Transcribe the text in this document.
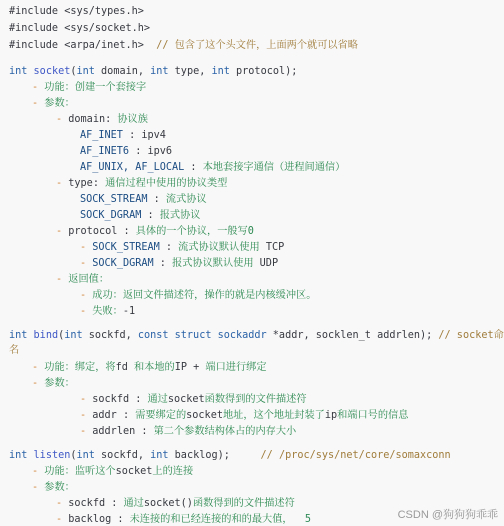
#include <sys/types.h>
#include <sys/socket.h>
#include <arpa/inet.h>  // 包含了这个头文件，上面两个就可以省略
int socket(int domain, int type, int protocol);
- 功能：创建一个套接字
- 参数：
- domain: 协议族
AF_INET : ipv4
AF_INET6 : ipv6
AF_UNIX, AF_LOCAL : 本地套接字通信（进程间通信）
- type: 通信过程中使用的协议类型
SOCK_STREAM : 流式协议
SOCK_DGRAM : 报式协议
- protocol : 具体的一个协议，一般写0
- SOCK_STREAM : 流式协议默认使用 TCP
- SOCK_DGRAM : 报式协议默认使用 UDP
- 返回值：
- 成功：返回文件描述符，操作的就是内核缓冲区。
- 失败：-1
int bind(int sockfd, const struct sockaddr *addr, socklen_t addrlen); // socket命
名
- 功能：绑定，将fd 和本地的IP + 端口进行绑定
- 参数：
- sockfd : 通过socket函数得到的文件描述符
- addr : 需要绑定的socket地址，这个地址封装了ip和端口号的信息
- addrlen : 第二个参数结构体占的内存大小
int listen(int sockfd, int backlog);     // /proc/sys/net/core/somaxconn
- 功能：监听这个socket上的连接
- 参数：
- sockfd : 通过socket()函数得到的文件描述符
- backlog : 未连接的和已经连接的和的最大值，  5	CSDN @狗狗狗乖乖
